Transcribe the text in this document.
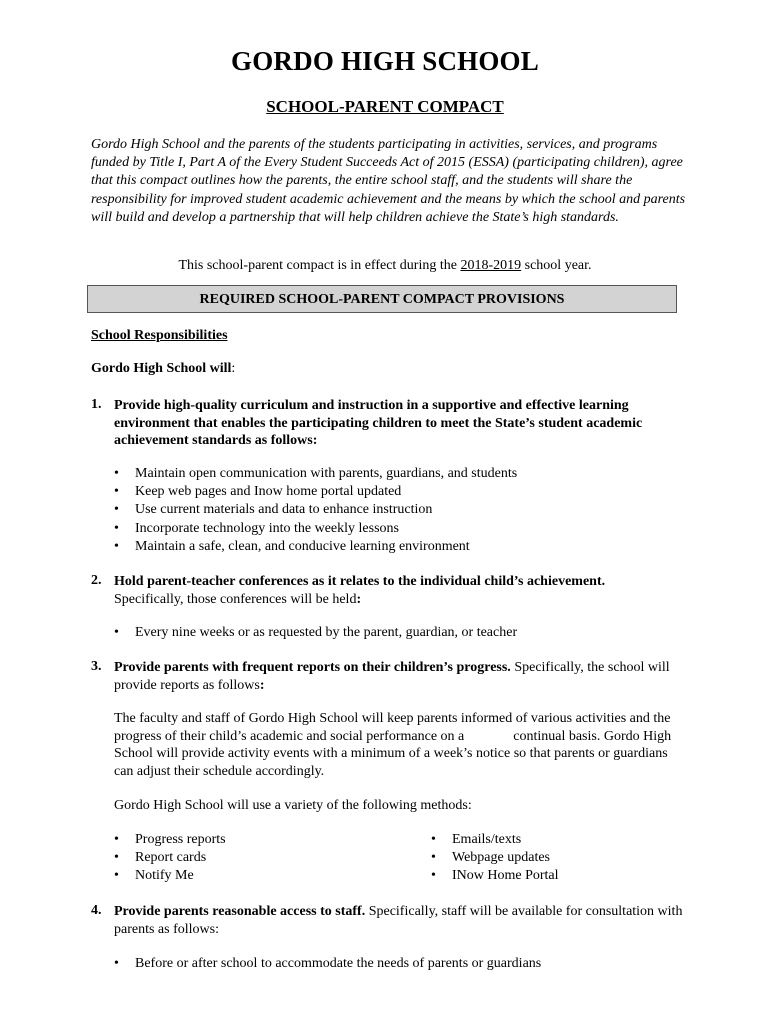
GORDO HIGH SCHOOL
SCHOOL-PARENT COMPACT
Gordo High School and the parents of the students participating in activities, services, and programs funded by Title I, Part A of the Every Student Succeeds Act of 2015 (ESSA) (participating children), agree that this compact outlines how the parents, the entire school staff, and the students will share the responsibility for improved student academic achievement and the means by which the school and parents will build and develop a partnership that will help children achieve the State’s high standards.
This school-parent compact is in effect during the 2018-2019 school year.
REQUIRED SCHOOL-PARENT COMPACT PROVISIONS
School Responsibilities
Gordo High School will:
1. Provide high-quality curriculum and instruction in a supportive and effective learning environment that enables the participating children to meet the State’s student academic achievement standards as follows:
• Maintain open communication with parents, guardians, and students
• Keep web pages and Inow home portal updated
• Use current materials and data to enhance instruction
• Incorporate technology into the weekly lessons
• Maintain a safe, clean, and conducive learning environment
2. Hold parent-teacher conferences as it relates to the individual child’s achievement.
Specifically, those conferences will be held:
• Every nine weeks or as requested by the parent, guardian, or teacher
3. Provide parents with frequent reports on their children’s progress. Specifically, the school will provide reports as follows:
The faculty and staff of Gordo High School will keep parents informed of various activities and the progress of their child’s academic and social performance on a              continual basis. Gordo High School will provide activity events with a minimum of a week’s notice so that parents or guardians can adjust their schedule accordingly.
Gordo High School will use a variety of the following methods:
• Progress reports
• Report cards
• Notify Me
• Emails/texts
• Webpage updates
• INow Home Portal
4. Provide parents reasonable access to staff. Specifically, staff will be available for consultation with parents as follows:
• Before or after school to accommodate the needs of parents or guardians
